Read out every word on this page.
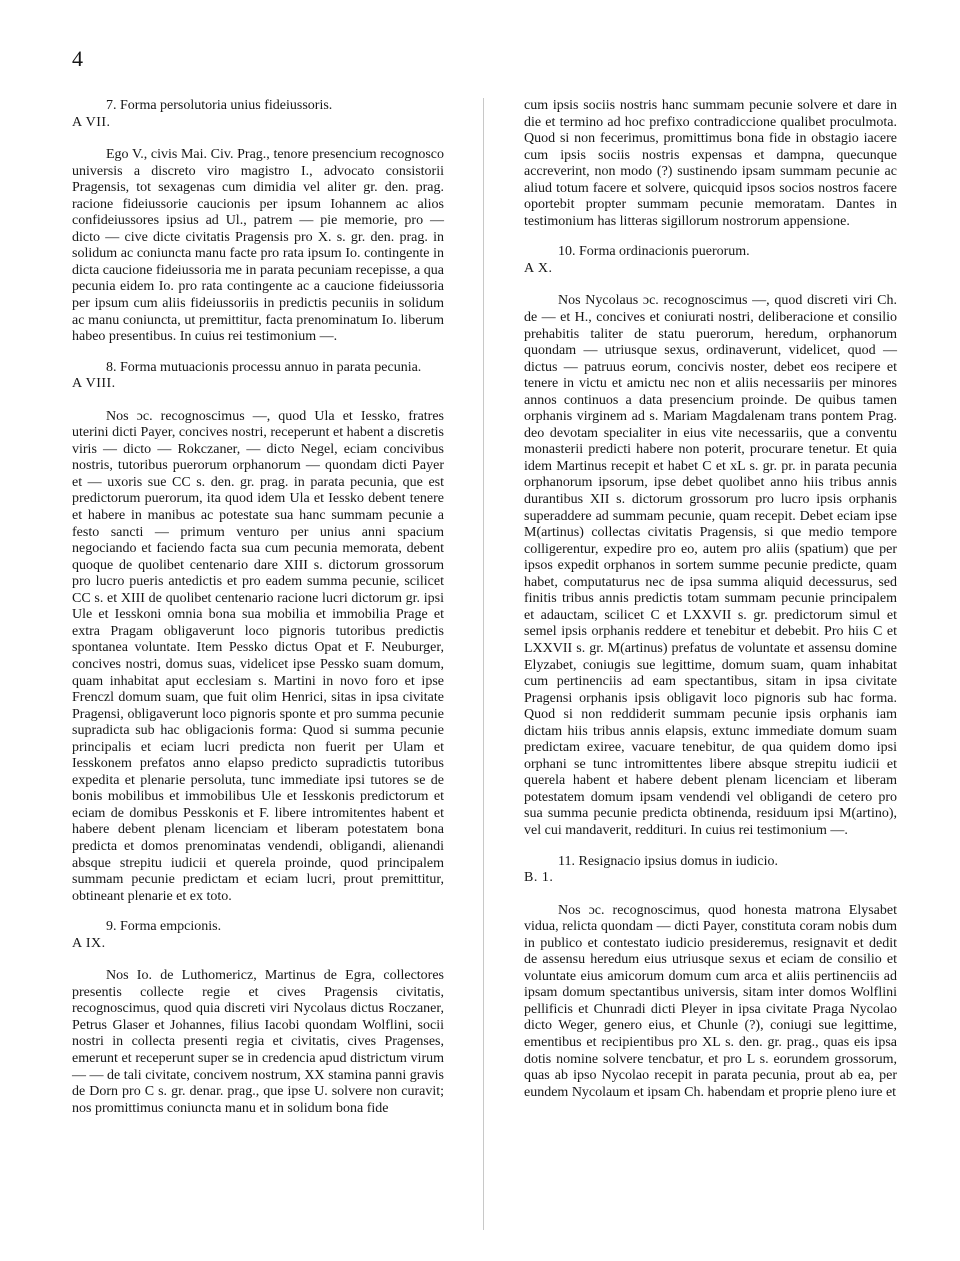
4

7. Forma persolutoria unius fideiussoris.

A VII.

Ego V., civis Mai. Civ. Prag., tenore presencium recognosco universis a discreto viro magistro I., advocato consistorii Pragensis, tot sexagenas cum dimidia vel aliter gr. den. prag. racione fideiussorie caucionis per ipsum Iohannem ac alios confideiussores ipsius ad Ul., patrem — pie memorie, pro — dicto — cive dicte civitatis Pragensis pro X. s. gr. den. prag. in solidum ac coniuncta manu facte pro rata ipsum Io. contingente in dicta caucione fideiussoria me in parata pecuniam recepisse, a qua pecunia eidem Io. pro rata contingente ac a caucione fideiussoria per ipsum cum aliis fideiussoriis in predictis pecuniis in solidum ac manu coniuncta, ut premittitur, facta prenominatum Io. liberum habeo presentibus. In cuius rei testimonium —.

8. Forma mutuacionis processu annuo in parata pecunia.

A VIII.

Nos ɔc. recognoscimus —, quod Ula et Iessko, fratres uterini dicti Payer, concives nostri, receperunt et habent a discretis viris — dicto — Rokczaner, — dicto Negel, eciam concivibus nostris, tutoribus puerorum orphanorum — quondam dicti Payer et — uxoris sue CC s. den. gr. prag. in parata pecunia, que est predictorum puerorum, ita quod idem Ula et Iessko debent tenere et habere in manibus ac potestate sua hanc summam pecunie a festo sancti — primum venturo per unius anni spacium negociando et faciendo facta sua cum pecunia memorata, debent quoque de quolibet centenario dare XIII s. dictorum grossorum pro lucro pueris antedictis et pro eadem summa pecunie, scilicet CC s. et XIII de quolibet centenario racione lucri dictorum gr. ipsi Ule et Iesskoni omnia bona sua mobilia et immobilia Prage et extra Pragam obligaverunt loco pignoris tutoribus predictis spontanea voluntate. Item Pessko dictus Opat et F. Neuburger, concives nostri, domus suas, videlicet ipse Pessko suam domum, quam inhabitat aput ecclesiam s. Martini in novo foro et ipse Frenczl domum suam, que fuit olim Henrici, sitas in ipsa civitate Pragensi, obligaverunt loco pignoris sponte et pro summa pecunie supradicta sub hac obligacionis forma: Quod si summa pecunie principalis et eciam lucri predicta non fuerit per Ulam et Iesskonem prefatos anno elapso predicto supradictis tutoribus expedita et plenarie persoluta, tunc immediate ipsi tutores se de bonis mobilibus et immobilibus Ule et Iesskonis predictorum et eciam de domibus Pesskonis et F. libere intromitentes habent et habere debent plenam licenciam et liberam potestatem bona predicta et domos prenominatas vendendi, obligandi, alienandi absque strepitu iudicii et querela proinde, quod principalem summam pecunie predictam et eciam lucri, prout premittitur, obtineant plenarie et ex toto.

9. Forma empcionis.

A IX.

Nos Io. de Luthomericz, Martinus de Egra, collectores presentis collecte regie et cives Pragensis civitatis, recognoscimus, quod quia discreti viri Nycolaus dictus Roczaner, Petrus Glaser et Johannes, filius Iacobi quondam Wolflini, socii nostri in collecta presenti regia et civitatis, cives Pragenses, emerunt et receperunt super se in credencia apud districtum virum — — de tali civitate, concivem nostrum, XX stamina panni gravis de Dorn pro C s. gr. denar. prag., que ipse U. solvere non curavit; nos promittimus coniuncta manu et in solidum bona fide

cum ipsis sociis nostris hanc summam pecunie solvere et dare in die et termino ad hoc prefixo contradiccione qualibet proculmota. Quod si non fecerimus, promittimus bona fide in obstagio iacere cum ipsis sociis nostris expensas et dampna, quecunque accreverint, non modo (?) sustinendo ipsam summam pecunie ac aliud totum facere et solvere, quicquid ipsos socios nostros facere oportebit propter summam pecunie memoratam. Dantes in testimonium has litteras sigillorum nostrorum appensione.

10. Forma ordinacionis puerorum.

A X.

Nos Nycolaus ɔc. recognoscimus —, quod discreti viri Ch. de — et H., concives et coniurati nostri, deliberacione et consilio prehabitis taliter de statu puerorum, heredum, orphanorum quondam — utriusque sexus, ordinaverunt, videlicet, quod — dictus — patruus eorum, concivis noster, debet eos recipere et tenere in victu et amictu nec non et aliis necessariis per minores annos continuos a data presencium proinde. De quibus tamen orphanis virginem ad s. Mariam Magdalenam trans pontem Prag. deo devotam specialiter in eius vite necessariis, que a conventu monasterii predicti habere non poterit, procurare tenetur. Et quia idem Martinus recepit et habet C et xL s. gr. pr. in parata pecunia orphanorum ipsorum, ipse debet quolibet anno hiis tribus annis durantibus XII s. dictorum grossorum pro lucro ipsis orphanis superaddere ad summam pecunie, quam recepit. Debet eciam ipse M(artinus) collectas civitatis Pragensis, si que medio tempore colligerentur, expedire pro eo, autem pro aliis (spatium) que per ipsos expedit orphanos in sortem summe pecunie predicte, quam habet, computaturus nec de ipsa summa aliquid decessurus, sed finitis tribus annis predictis totam summam pecunie principalem et adauctam, scilicet C et LXXVII s. gr. predictorum simul et semel ipsis orphanis reddere et tenebitur et debebit. Pro hiis C et LXXVII s. gr. M(artinus) prefatus de voluntate et assensu domine Elyzabet, coniugis sue legittime, domum suam, quam inhabitat cum pertinenciis ad eam spectantibus, sitam in ipsa civitate Pragensi orphanis ipsis obligavit loco pignoris sub hac forma. Quod si non reddiderit summam pecunie ipsis orphanis iam dictam hiis tribus annis elapsis, extunc immediate domum suam predictam exiree, vacuare tenebitur, de qua quidem domo ipsi orphani se tunc intromittentes libere absque strepitu iudicii et querela habent et habere debent plenam licenciam et liberam potestatem domum ipsam vendendi vel obligandi de cetero pro sua summa pecunie predicta obtinenda, residuum ipsi M(artino), vel cui mandaverit, reddituri. In cuius rei testimonium —.

11. Resignacio ipsius domus in iudicio.

B. 1.

Nos ɔc. recognoscimus, quod honesta matrona Elysabet vidua, relicta quondam — dicti Payer, constituta coram nobis dum in publico et contestato iudicio presideremus, resignavit et dedit de assensu heredum eius utriusque sexus et eciam de consilio et voluntate eius amicorum domum cum arca et aliis pertinenciis ad ipsam domum spectantibus universis, sitam inter domos Wolflini pellificis et Chunradi dicti Pleyer in ipsa civitate Praga Nycolao dicto Weger, genero eius, et Chunle (?), coniugi sue legittime, ementibus et recipientibus pro XL s. den. gr. prag., quas eis ipsa dotis nomine solvere tencbatur, et pro L s. eorundem grossorum, quas ab ipso Nycolao recepit in parata pecunia, prout ab ea, per eundem Nycolaum et ipsam Ch. habendam et proprie pleno iure et
